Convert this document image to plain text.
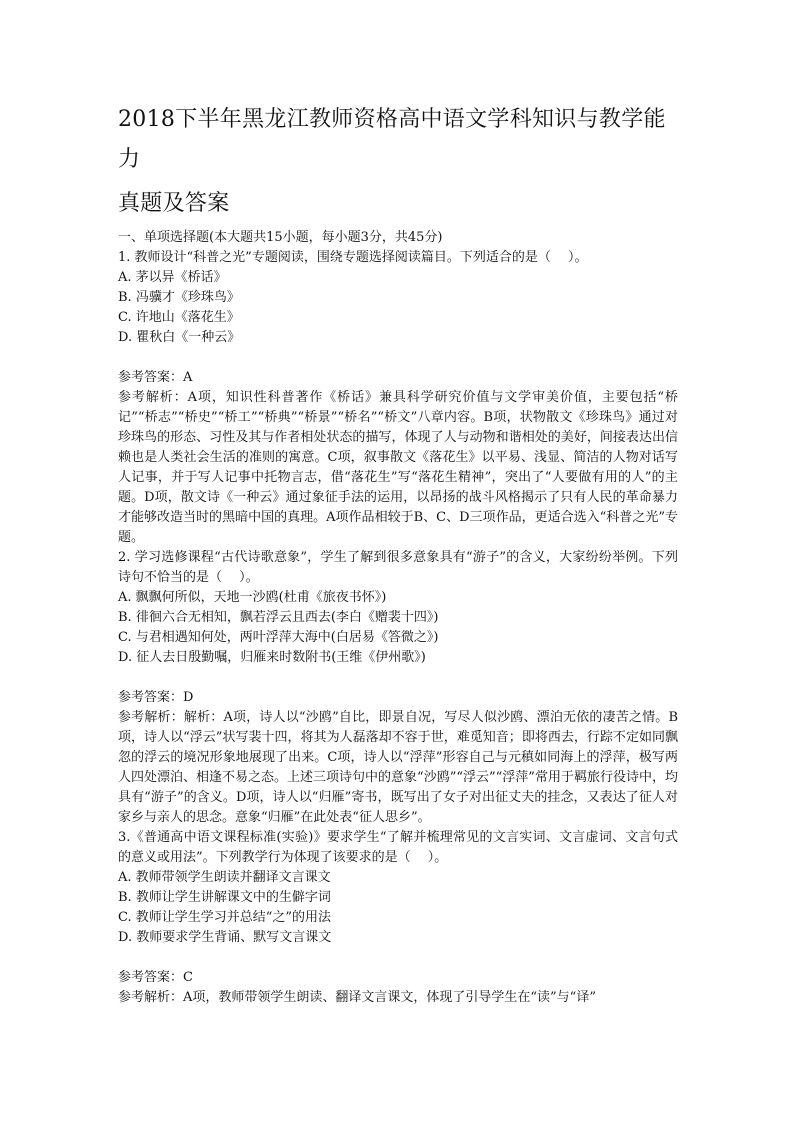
2018下半年黑龙江教师资格高中语文学科知识与教学能力
真题及答案

一、单项选择题(本大题共15小题，每小题3分，共45分)

1. 教师设计“科普之光”专题阅读，围绕专题选择阅读篇目。下列适合的是（　 ）。

A. 茅以异《桥话》

B. 冯骥才《珍珠鸟》

C. 许地山《落花生》

D. 瞿秋白《一种云》

参考答案：A

参考解析：A项，知识性科普著作《桥话》兼具科学研究价值与文学审美价值，主要包括“桥记”“桥志”“桥史”“桥工”“桥典”“桥景”“桥名”“桥文”八章内容。B项，状物散文《珍珠鸟》通过对珍珠鸟的形态、习性及其与作者相处状态的描写，体现了人与动物和谐相处的美好，间接表达出信赖也是人类社会生活的准则的寓意。C项，叙事散文《落花生》以平易、浅显、简洁的人物对话写人记事，并于写人记事中托物言志，借“落花生”写“落花生精神”，突出了“人要做有用的人”的主题。D项，散文诗《一种云》通过象征手法的运用，以昂扬的战斗风格揭示了只有人民的革命暴力才能够改造当时的黑暗中国的真理。A项作品相较于B、C、D三项作品，更适合选入“科普之光”专题。

2. 学习选修课程“古代诗歌意象”，学生了解到很多意象具有“游子”的含义，大家纷纷举例。下列诗句不恰当的是（　 ）。

A. 飘飘何所似，天地一沙鸥(杜甫《旅夜书怀》)

B. 徘徊六合无相知，飘若浮云且西去(李白《赠裴十四》)

C. 与君相遇知何处，两叶浮萍大海中(白居易《答微之》)

D. 征人去日殷勤嘱，归雁来时数附书(王维《伊州歌》)

参考答案：D

参考解析：解析：A项，诗人以“沙鸥”自比，即景自况，写尽人似沙鸥、漂泊无依的凄苦之情。B项，诗人以“浮云”状写裴十四，将其为人磊落却不容于世，难觅知音；即将西去，行踪不定如同飘忽的浮云的境况形象地展现了出来。C项，诗人以“浮萍”形容自己与元稹如同海上的浮萍，极写两人四处漂泊、相逢不易之态。上述三项诗句中的意象“沙鸥”“浮云”“浮萍”常用于羁旅行役诗中，均具有“游子”的含义。D项，诗人以“归雁”寄书，既写出了女子对出征丈夫的挂念，又表达了征人对家乡与亲人的思念。意象“归雁”在此处表“征人思乡”。

3.《普通高中语文课程标准(实验)》要求学生“了解并梳理常见的文言实词、文言虚词、文言句式的意义或用法”。下列教学行为体现了该要求的是（　 ）。

A. 教师带领学生朗读并翻译文言课文

B. 教师让学生讲解课文中的生僻字词

C. 教师让学生学习并总结“之”的用法

D. 教师要求学生背诵、默写文言课文

参考答案：C

参考解析：A项，教师带领学生朗读、翻译文言课文，体现了引导学生在“读”与“译”
